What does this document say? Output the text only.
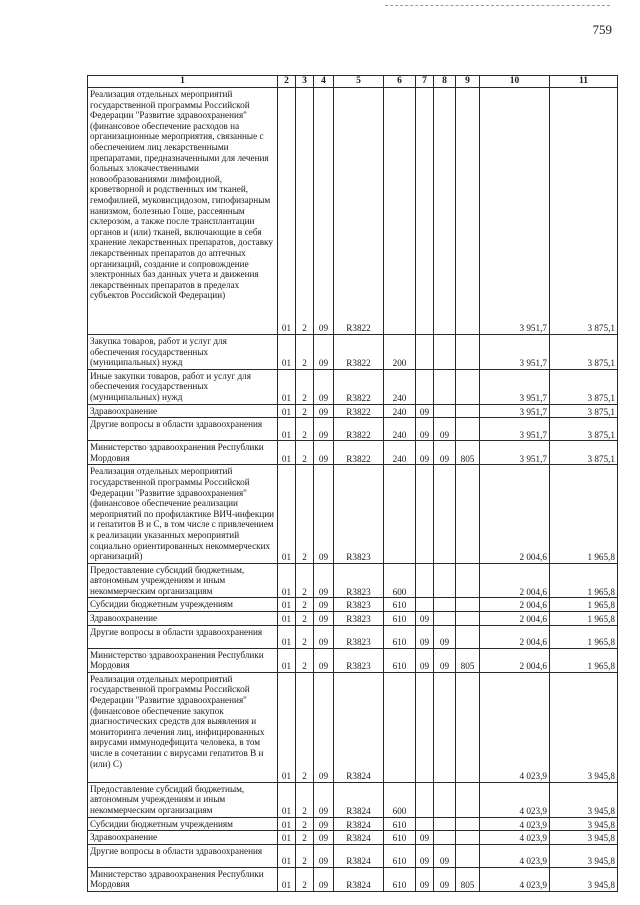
759
1	2	3	4	5	6	7	8	9	10	11
Реализация отдельных мероприятий государственной программы Российской Федерации "Развитие здравоохранения" (финансовое обеспечение расходов на организационные мероприятия, связанные с обеспечением лиц лекарственными препаратами, предназначенными для лечения больных злокачественными новообразованиями лимфоидной, кроветворной и родственных им тканей, гемофилией, муковисцидозом, гипофизарным нанизмом, болезнью Гоше, рассеянным склерозом, а также после трансплантации органов и (или) тканей, включающие в себя хранение лекарственных препаратов, доставку лекарственных препаратов до аптечных организаций, создание и сопровождение электронных баз данных учета и движения лекарственных препаратов в пределах субъектов Российской Федерации)	01	2	09	R3822					3 951,7	3 875,1
Закупка товаров, работ и услуг для обеспечения государственных (муниципальных) нужд	01	2	09	R3822	200				3 951,7	3 875,1
Иные закупки товаров, работ и услуг для обеспечения государственных (муниципальных) нужд	01	2	09	R3822	240				3 951,7	3 875,1
Здравоохранение	01	2	09	R3822	240	09			3 951,7	3 875,1
Другие вопросы в области здравоохранения	01	2	09	R3822	240	09	09		3 951,7	3 875,1
Министерство здравоохранения Республики Мордовия	01	2	09	R3822	240	09	09	805	3 951,7	3 875,1
Реализация отдельных мероприятий государственной программы Российской Федерации "Развитие здравоохранения" (финансовое обеспечение реализации мероприятий по профилактике ВИЧ-инфекции и гепатитов В и С, в том числе с привлечением к реализации указанных мероприятий социально ориентированных некоммерческих организаций)	01	2	09	R3823					2 004,6	1 965,8
Предоставление субсидий бюджетным, автономным учреждениям и иным некоммерческим организациям	01	2	09	R3823	600				2 004,6	1 965,8
Субсидии бюджетным учреждениям	01	2	09	R3823	610				2 004,6	1 965,8
Здравоохранение	01	2	09	R3823	610	09			2 004,6	1 965,8
Другие вопросы в области здравоохранения	01	2	09	R3823	610	09	09		2 004,6	1 965,8
Министерство здравоохранения Республики Мордовия	01	2	09	R3823	610	09	09	805	2 004,6	1 965,8
Реализация отдельных мероприятий государственной программы Российской Федерации "Развитие здравоохранения" (финансовое обеспечение закупок диагностических средств для выявления и мониторинга лечения лиц, инфицированных вирусами иммунодефицита человека, в том числе в сочетании с вирусами гепатитов В и (или) С)	01	2	09	R3824					4 023,9	3 945,8
Предоставление субсидий бюджетным, автономным учреждениям и иным некоммерческим организациям	01	2	09	R3824	600				4 023,9	3 945,8
Субсидии бюджетным учреждениям	01	2	09	R3824	610				4 023,9	3 945,8
Здравоохранение	01	2	09	R3824	610	09			4 023,9	3 945,8
Другие вопросы в области здравоохранения	01	2	09	R3824	610	09	09		4 023,9	3 945,8
Министерство здравоохранения Республики Мордовия	01	2	09	R3824	610	09	09	805	4 023,9	3 945,8
